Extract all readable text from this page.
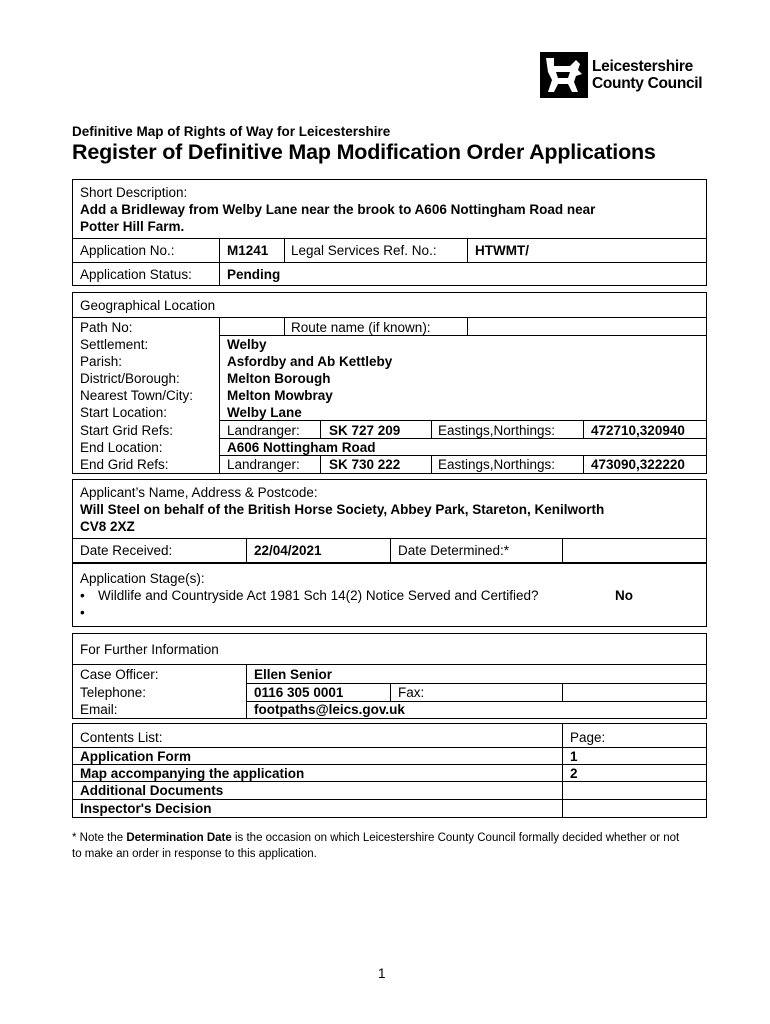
Leicestershire
County Council
Definitive Map of Rights of Way for Leicestershire
Register of Definitive Map Modification Order Applications
Short Description:
Add a Bridleway from Welby Lane near the brook to A606 Nottingham Road near
Potter Hill Farm.
Application No.:	M1241 Legal Services Ref. No.:	HTWMT/
Application Status:	Pending
Geographical Location
Path No:	Route name (if known):
Settlement:	Welby
Parish:	Asfordby and Ab Kettleby
District/Borough:	Melton Borough
Nearest Town/City:	Melton Mowbray
Start Location:	Welby Lane
Start Grid Refs:	Landranger: SK 727 209	Eastings,Northings:	472710,320940
End Location:	A606 Nottingham Road
End Grid Refs:	Landranger: SK 730 222	Eastings,Northings:	473090,322220
Applicant’s Name, Address & Postcode:
Will Steel on behalf of the British Horse Society, Abbey Park, Stareton, Kenilworth
CV8 2XZ
Date Received:	22/04/2021	Date Determined:*
Application Stage(s):
• Wildlife and Countryside Act 1981 Sch 14(2) Notice Served and Certified?	No
•
For Further Information
Case Officer:	Ellen Senior
Telephone:	0116 305 0001	Fax:
Email:	footpaths@leics.gov.uk
Contents List:	Page:
Application Form	1
Map accompanying the application	2
Additional Documents
Inspector's Decision
* Note the Determination Date is the occasion on which Leicestershire County Council formally decided whether or not to make an order in response to this application.
1
